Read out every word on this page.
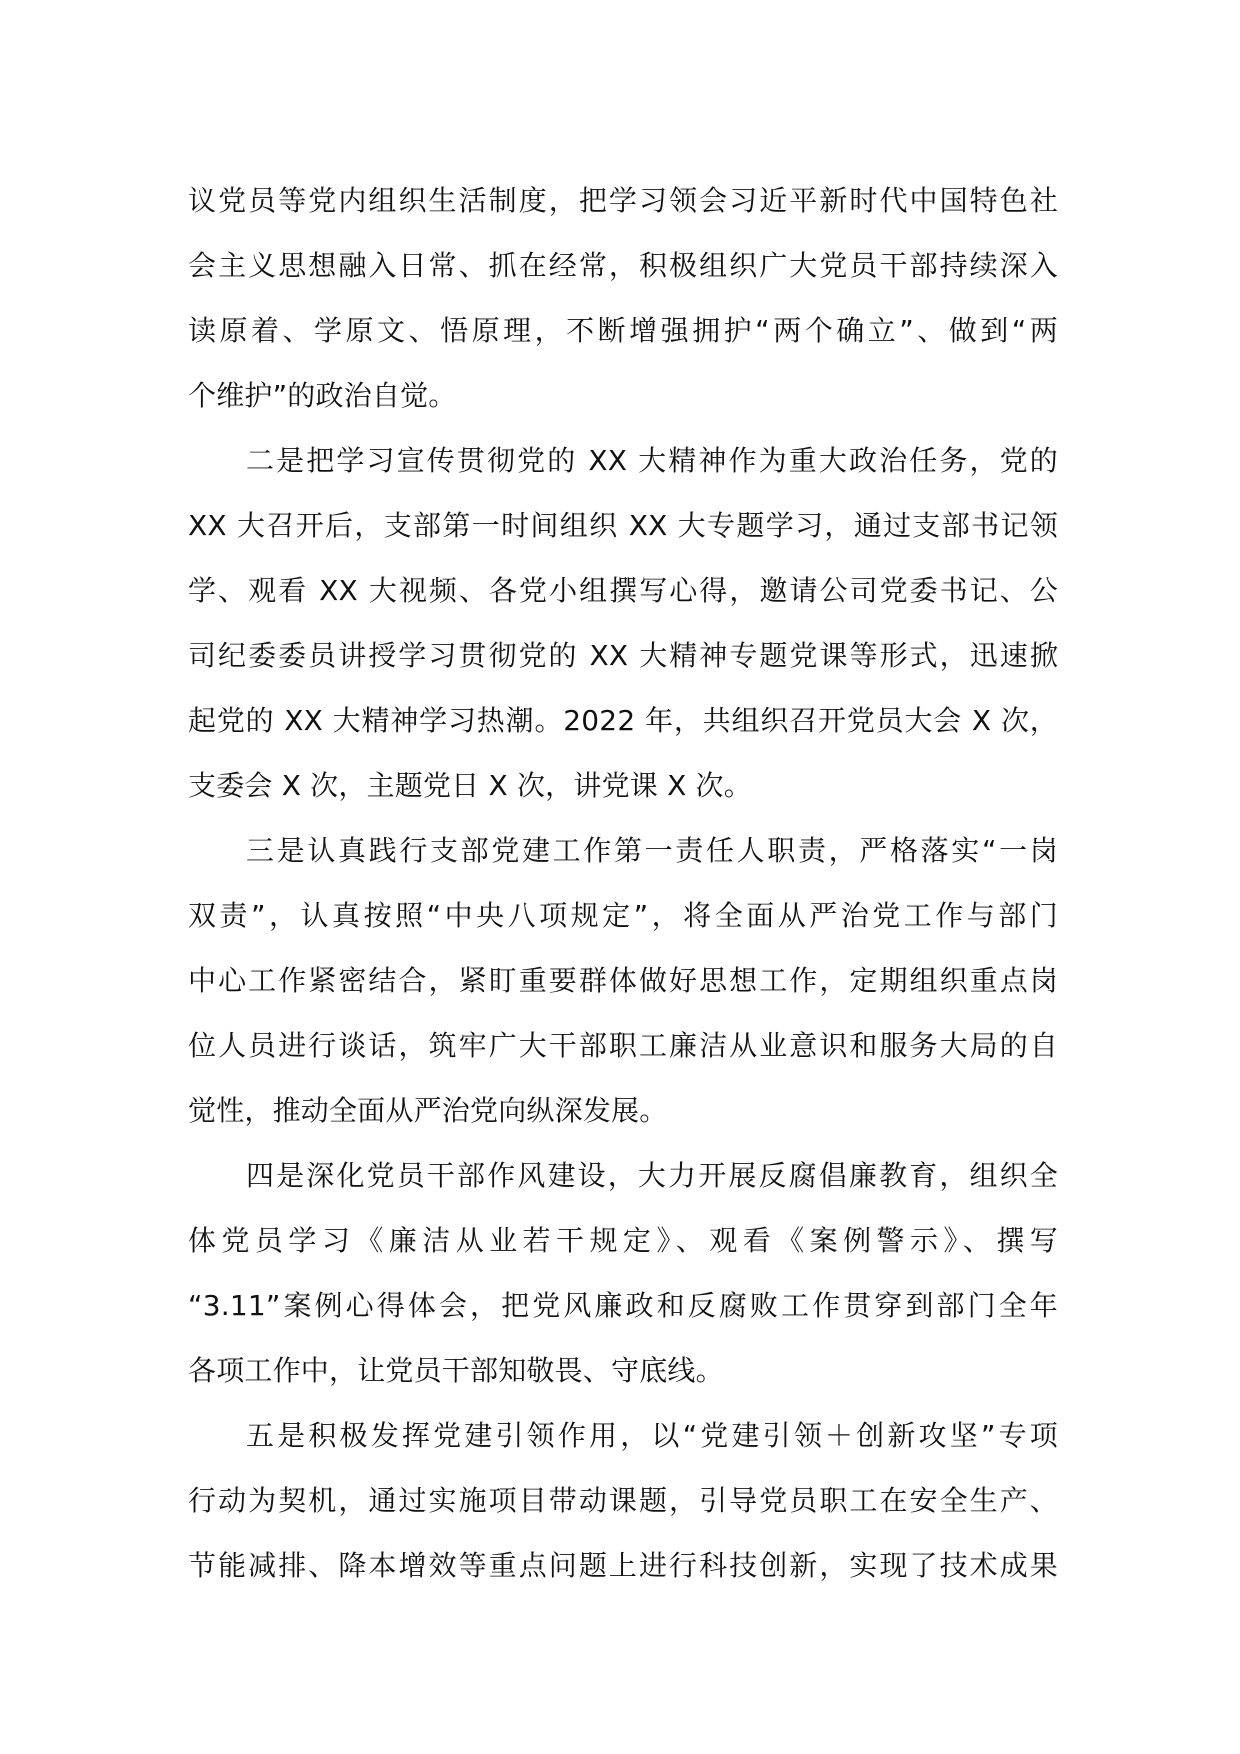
议党员等党内组织生活制度，把学习领会习近平新时代中国特色社
会主义思想融入日常、抓在经常，积极组织广大党员干部持续深入
读原着、学原文、悟原理，不断增强拥护“两个确立”、做到“两
个维护”的政治自觉。
二是把学习宣传贯彻党的 XX 大精神作为重大政治任务，党的
XX 大召开后，支部第一时间组织 XX 大专题学习，通过支部书记领
学、观看 XX 大视频、各党小组撰写心得，邀请公司党委书记、公
司纪委委员讲授学习贯彻党的 XX 大精神专题党课等形式，迅速掀
起党的 XX 大精神学习热潮。2022 年，共组织召开党员大会 X 次，
支委会 X 次，主题党日 X 次，讲党课 X 次。
三是认真践行支部党建工作第一责任人职责，严格落实“一岗
双责”，认真按照“中央八项规定”，将全面从严治党工作与部门
中心工作紧密结合，紧盯重要群体做好思想工作，定期组织重点岗
位人员进行谈话，筑牢广大干部职工廉洁从业意识和服务大局的自
觉性，推动全面从严治党向纵深发展。
四是深化党员干部作风建设，大力开展反腐倡廉教育，组织全
体党员学习《廉洁从业若干规定》、观看《案例警示》、撰写
“3.11”案例心得体会，把党风廉政和反腐败工作贯穿到部门全年
各项工作中，让党员干部知敬畏、守底线。
五是积极发挥党建引领作用，以“党建引领＋创新攻坚”专项
行动为契机，通过实施项目带动课题，引导党员职工在安全生产、
节能减排、降本增效等重点问题上进行科技创新，实现了技术成果
